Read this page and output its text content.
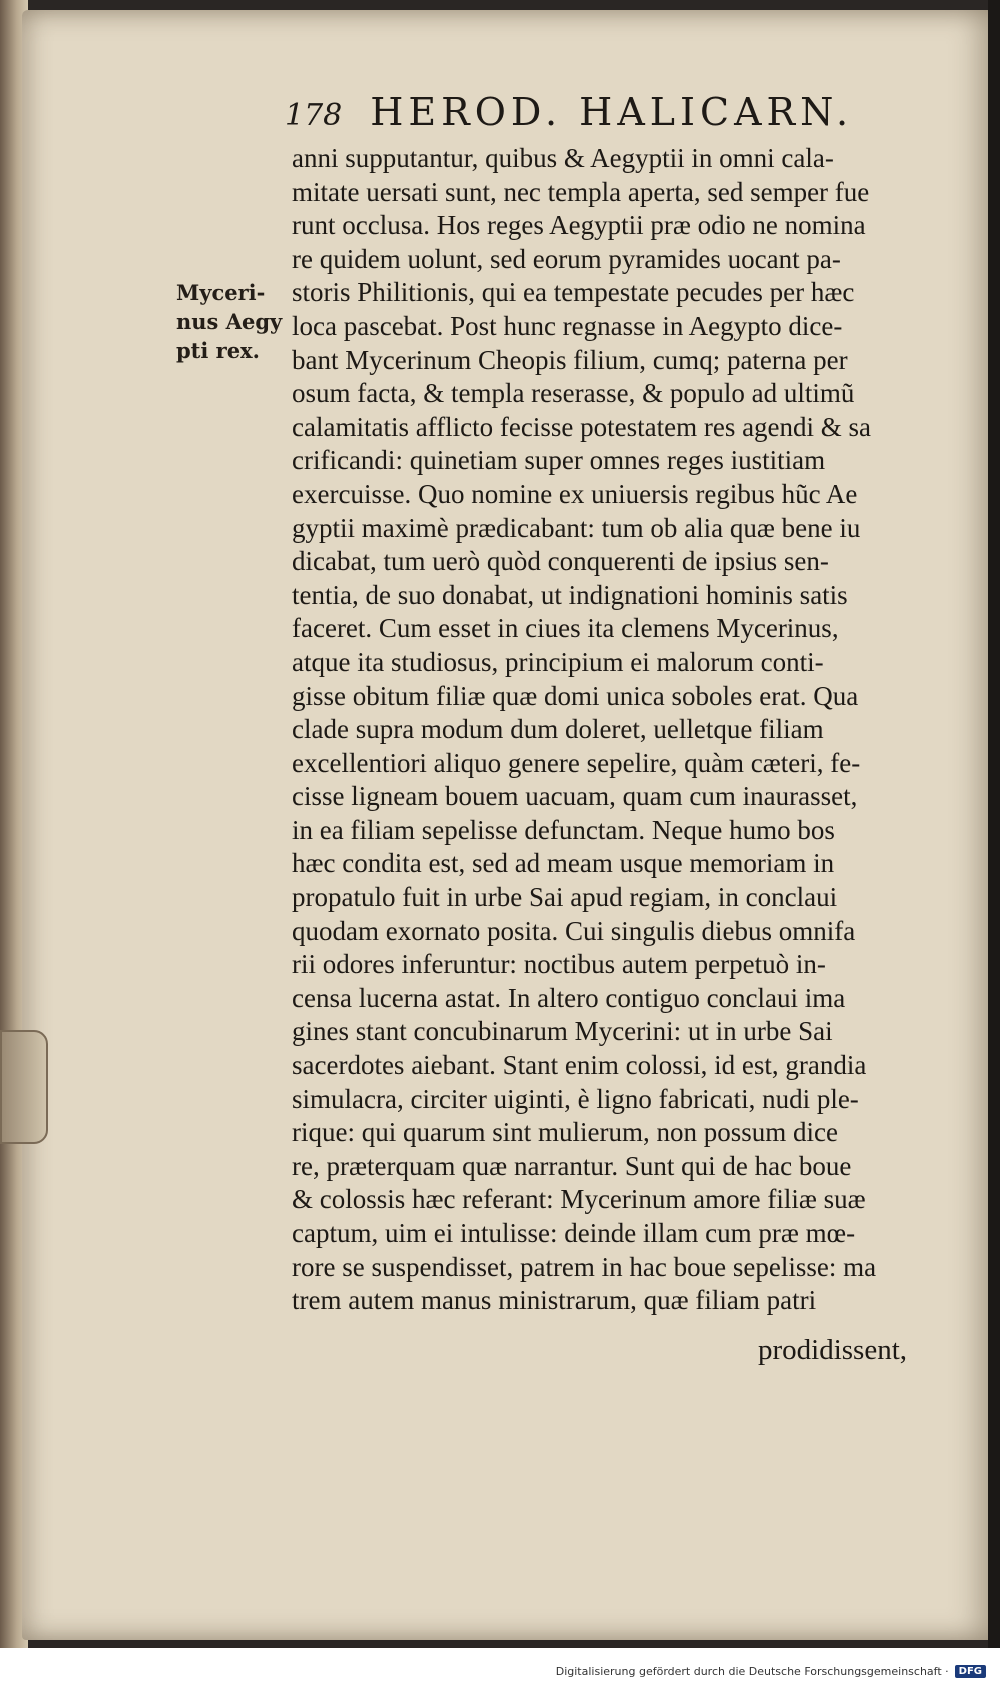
178 HEROD. HALICARN.
Myceri-
nus Aegy
pti rex.
anni supputantur, quibus & Aegyptii in omni cala-
mitate uersati sunt, nec templa aperta, sed semper fue
runt occlusa. Hos reges Aegyptii præ odio ne nomina
re quidem uolunt, sed eorum pyramides uocant pa-
storis Philitionis, qui ea tempestate pecudes per hæc
loca pascebat. Post hunc regnasse in Aegypto dice-
bant Mycerinum Cheopis filium, cumq; paterna per
osum facta, & templa reserasse, & populo ad ultimũ
calamitatis afflicto fecisse potestatem res agendi & sa
crificandi: quinetiam super omnes reges iustitiam
exercuisse. Quo nomine ex uniuersis regibus hũc Ae
gyptii maximè prædicabant: tum ob alia quæ bene iu
dicabat, tum uerò quòd conquerenti de ipsius sen-
tentia, de suo donabat, ut indignationi hominis satis
faceret. Cum esset in ciues ita clemens Mycerinus,
atque ita studiosus, principium ei malorum conti-
gisse obitum filiæ quæ domi unica soboles erat. Qua
clade supra modum dum doleret, uelletque filiam
excellentiori aliquo genere sepelire, quàm cæteri, fe-
cisse ligneam bouem uacuam, quam cum inaurasset,
in ea filiam sepelisse defunctam. Neque humo bos
hæc condita est, sed ad meam usque memoriam in
propatulo fuit in urbe Sai apud regiam, in conclaui
quodam exornato posita. Cui singulis diebus omnifa
rii odores inferuntur: noctibus autem perpetuò in-
censa lucerna astat. In altero contiguo conclaui ima
gines stant concubinarum Mycerini: ut in urbe Sai
sacerdotes aiebant. Stant enim colossi, id est, grandia
simulacra, circiter uiginti, è ligno fabricati, nudi ple-
rique: qui quarum sint mulierum, non possum dice
re, præterquam quæ narrantur. Sunt qui de hac boue
& colossis hæc referant: Mycerinum amore filiæ suæ
captum, uim ei intulisse: deinde illam cum præ mœ-
rore se suspendisset, patrem in hac boue sepelisse: ma
trem autem manus ministrarum, quæ filiam patri
prodidissent,
Digitalisierung gefördert durch die Deutsche Forschungsgemeinschaft ·	DFG
